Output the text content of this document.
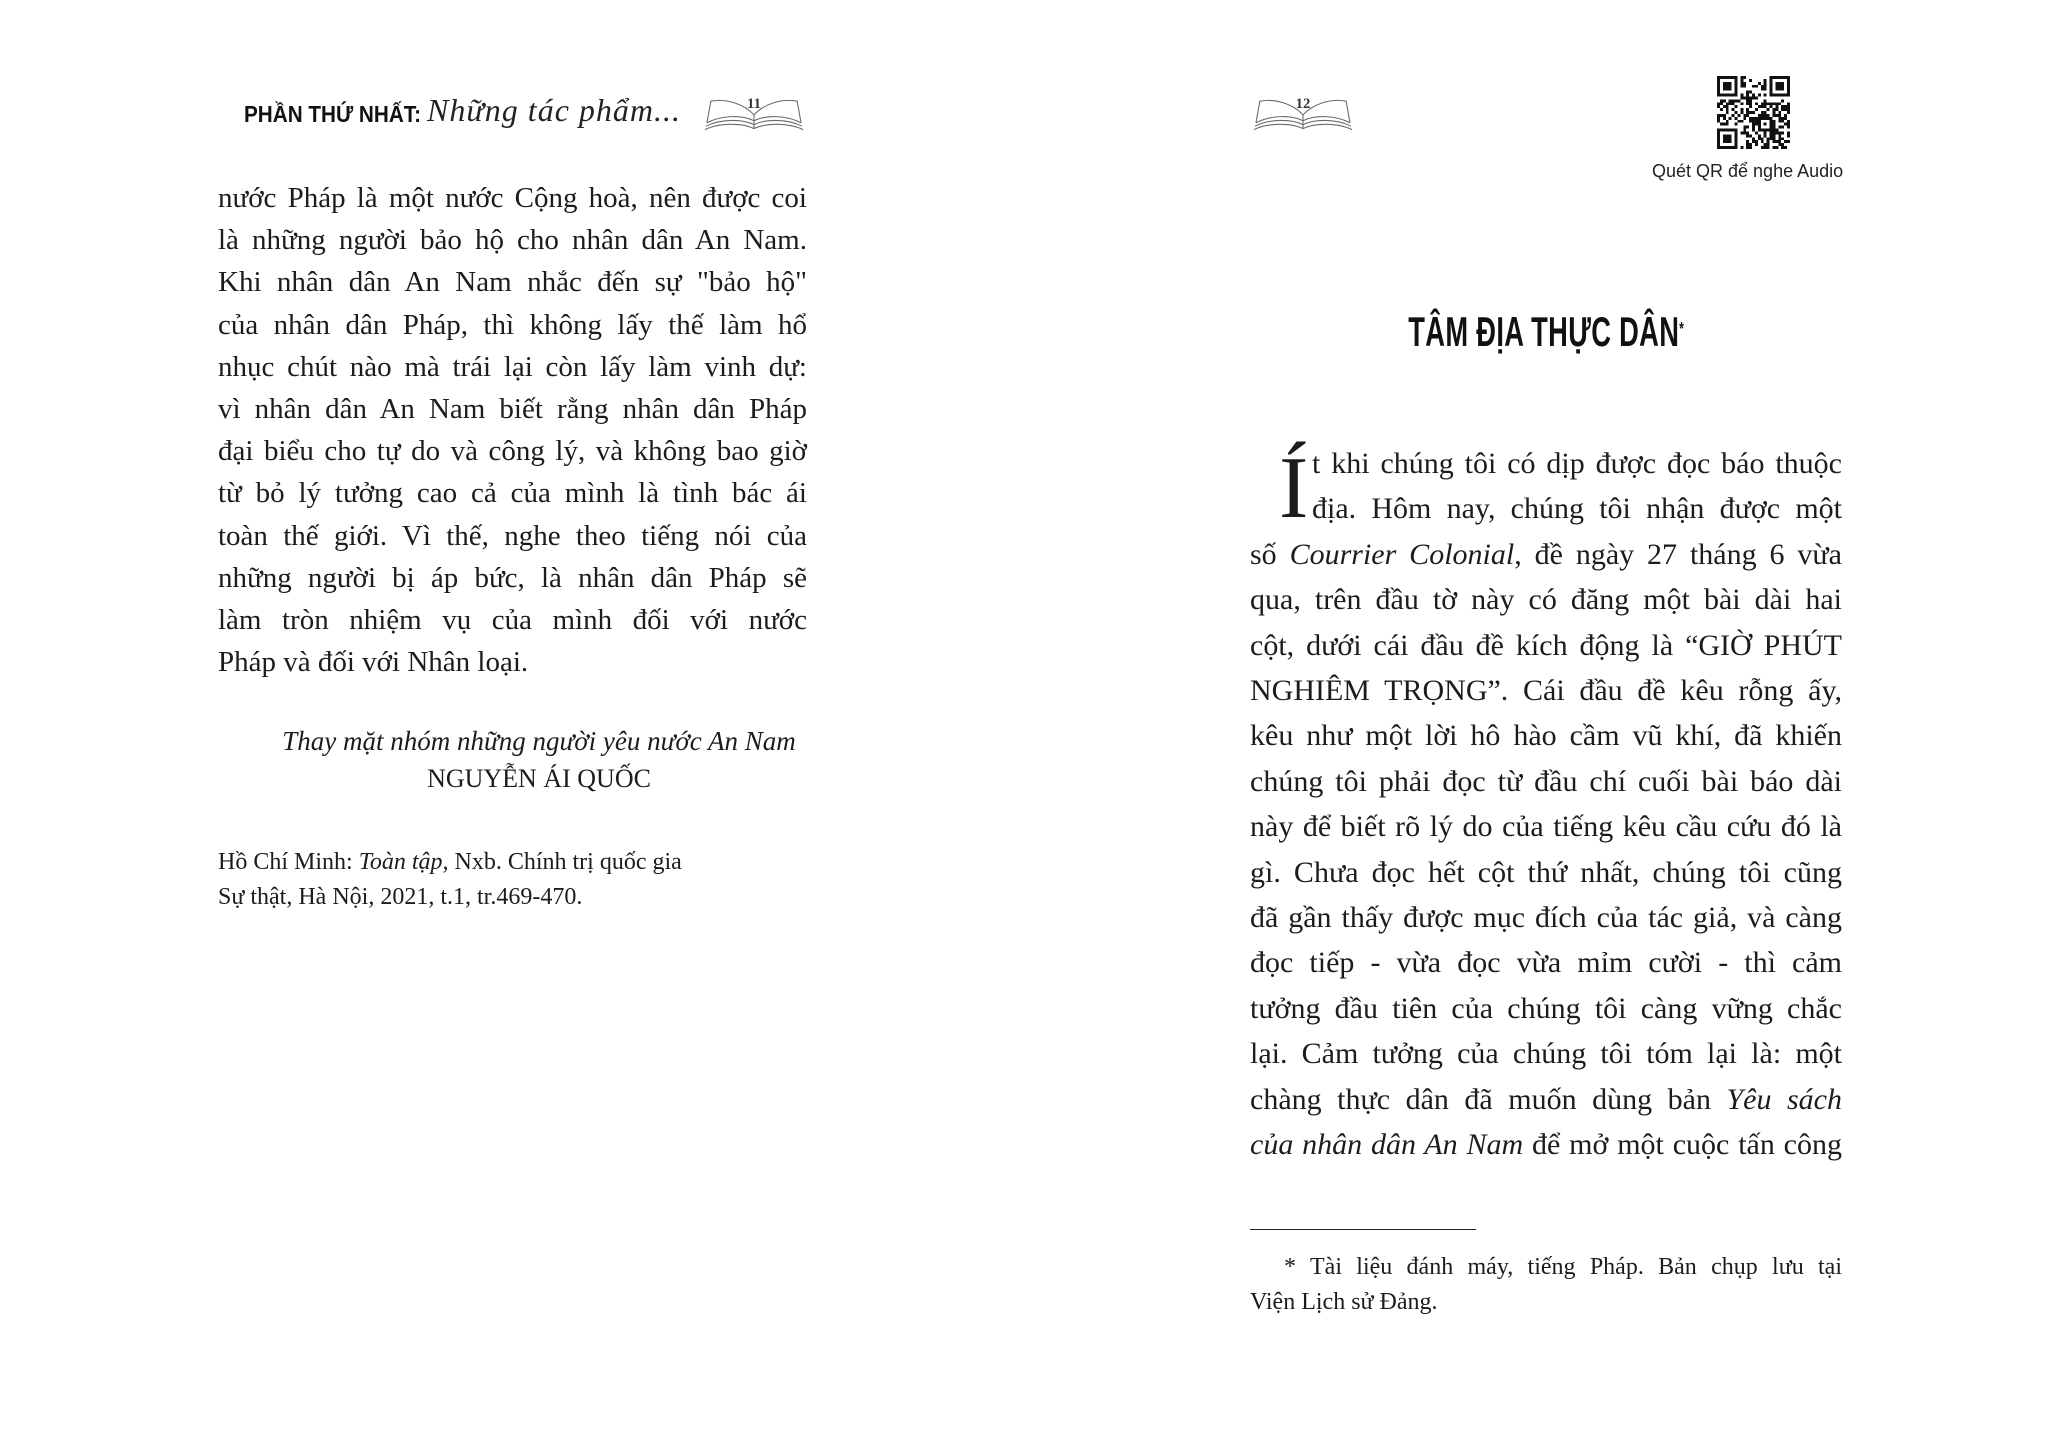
PHẦN THỨ NHẤT: Những tác phẩm...	11
nước Pháp là một nước Cộng hoà, nên được coi
là những người bảo hộ cho nhân dân An Nam.
Khi nhân dân An Nam nhắc đến sự "bảo hộ"
của nhân dân Pháp, thì không lấy thế làm hổ
nhục chút nào mà trái lại còn lấy làm vinh dự:
vì nhân dân An Nam biết rằng nhân dân Pháp
đại biểu cho tự do và công lý, và không bao giờ
từ bỏ lý tưởng cao cả của mình là tình bác ái
toàn thế giới. Vì thế, nghe theo tiếng nói của
những người bị áp bức, là nhân dân Pháp sẽ
làm tròn nhiệm vụ của mình đối với nước
Pháp và đối với Nhân loại.
Thay mặt nhóm những người yêu nước An Nam
NGUYỄN ÁI QUỐC
Hồ Chí Minh: Toàn tập, Nxb. Chính trị quốc gia
Sự thật, Hà Nội, 2021, t.1, tr.469-470.
12
Quét QR để nghe Audio
TÂM ĐỊA THỰC DÂN*
Í t khi chúng tôi có dịp được đọc báo thuộc
địa. Hôm nay, chúng tôi nhận được một
số Courrier Colonial, đề ngày 27 tháng 6 vừa
qua, trên đầu tờ này có đăng một bài dài hai
cột, dưới cái đầu đề kích động là “GIỜ PHÚT
NGHIÊM TRỌNG”. Cái đầu đề kêu rỗng ấy,
kêu như một lời hô hào cầm vũ khí, đã khiến
chúng tôi phải đọc từ đầu chí cuối bài báo dài
này để biết rõ lý do của tiếng kêu cầu cứu đó là
gì. Chưa đọc hết cột thứ nhất, chúng tôi cũng
đã gần thấy được mục đích của tác giả, và càng
đọc tiếp - vừa đọc vừa mỉm cười - thì cảm
tưởng đầu tiên của chúng tôi càng vững chắc
lại. Cảm tưởng của chúng tôi tóm lại là: một
chàng thực dân đã muốn dùng bản Yêu sách
của nhân dân An Nam để mở một cuộc tấn công
* Tài liệu đánh máy, tiếng Pháp. Bản chụp lưu tại
Viện Lịch sử Đảng.
